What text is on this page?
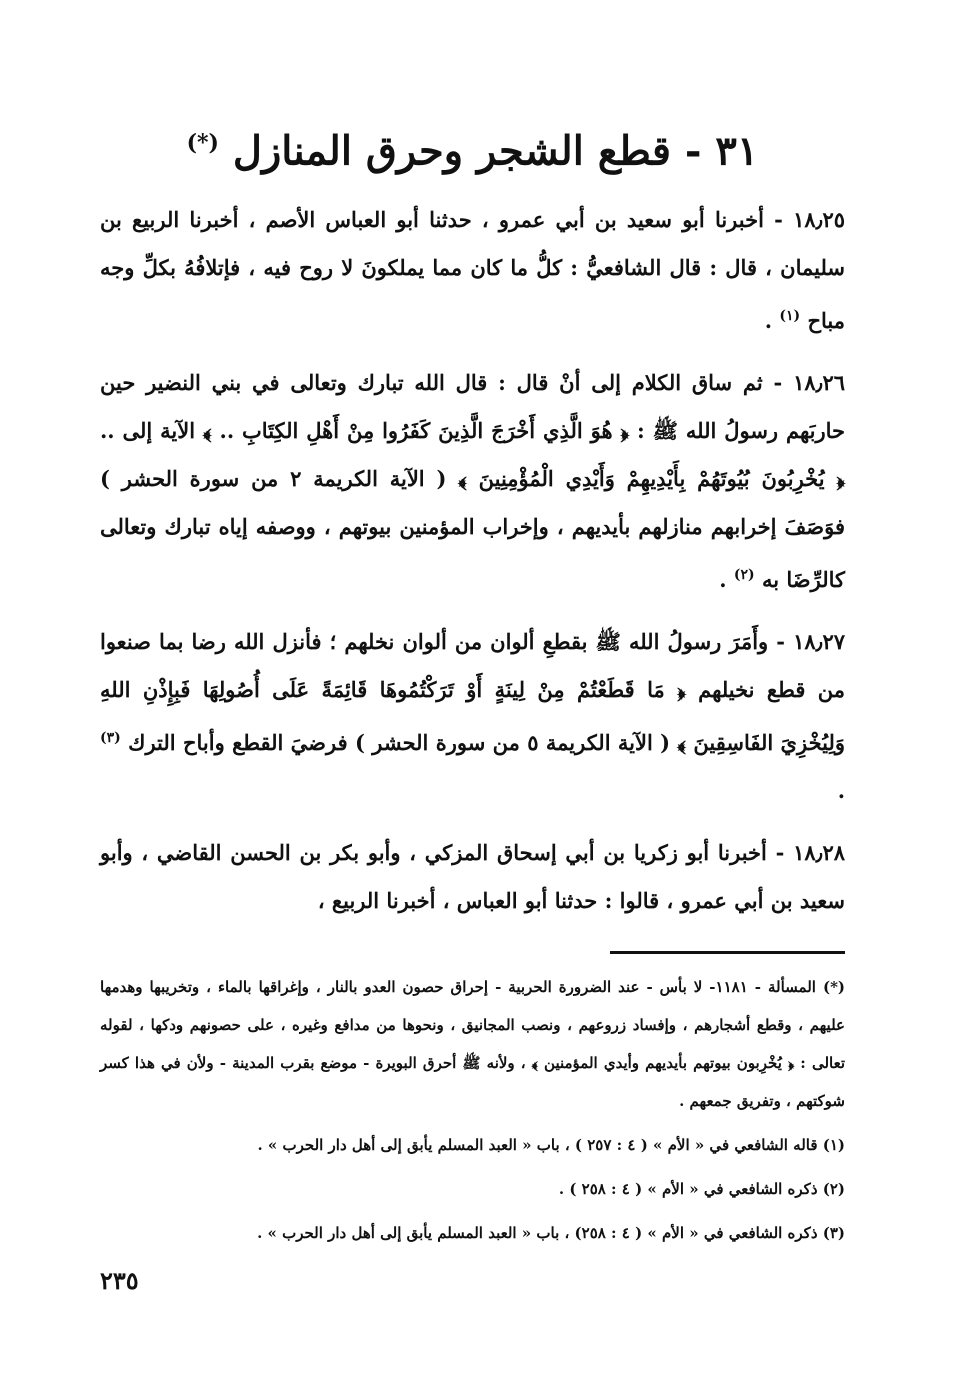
٣١ - قطع الشجر وحرق المنازل (*)

١٨٫٢٥ - أخبرنا أبو سعيد بن أبي عمرو ، حدثنا أبو العباس الأصم ، أخبرنا الربيع بن سليمان ، قال : قال الشافعيُّ : كلُّ ما كان مما يملكونَ لا روح فيه ، فإتلافُهُ بكلِّ وجه مباح $^{(١)}$ .

١٨٫٢٦ - ثم ساق الكلام إلى أنْ قال : قال الله تبارك وتعالى في بني النضير حين حاربَهم رسولُ الله ﷺ : ﴿ هُوَ الَّذِي أَخْرَجَ الَّذِينَ كَفَرُوا مِنْ أَهْلِ الكِتَابِ .. ﴾ الآية إلى .. ﴿ يُخْرِبُونَ بُيُوتَهُمْ بِأَيْدِيهِمْ وَأَيْدِي الْمُؤْمِنِينَ ﴾ ( الآية الكريمة ٢ من سورة الحشر ) فوَصَفَ إخرابهم منازلهم بأيديهم ، وإخراب المؤمنين بيوتهم ، ووصفه إياه تبارك وتعالى كالرِّضَا به $^{(٢)}$ .

١٨٫٢٧ - وأَمَرَ رسولُ الله ﷺ بقطعِ ألوان من ألوان نخلهم ؛ فأنزل الله رضا بما صنعوا من قطع نخيلهم ﴿ مَا قَطَعْتُمْ مِنْ لِينَةٍ أَوْ تَرَكْتُمُوهَا قَائِمَةً عَلَى أُصُولِهَا فَبِإِذْنِ اللهِ وَلِيُخْزِيَ الفَاسِقِينَ ﴾ ( الآية الكريمة ٥ من سورة الحشر ) فرضيَ القطع وأباح الترك $^{(٣)}$ .

١٨٫٢٨ - أخبرنا أبو زكريا بن أبي إسحاق المزكي ، وأبو بكر بن الحسن القاضي ، وأبو سعيد بن أبي عمرو ، قالوا : حدثنا أبو العباس ، أخبرنا الربيع ،

(*) المسألة - ١١٨١- لا بأس - عند الضرورة الحربية - إحراق حصون العدو بالنار ، وإغراقها بالماء ، وتخريبها وهدمها عليهم ، وقطع أشجارهم ، وإفساد زروعهم ، ونصب المجانيق ، ونحوها من مدافع وغيره ، على حصونهم ودكها ، لقوله تعالى : ﴿ يُخْرِبون بيوتهم بأيديهم وأيدي المؤمنين ﴾ ، ولأنه ﷺ أحرق البويرة - موضع بقرب المدينة - ولأن في هذا كسر شوكتهم ، وتفريق جمعهم .

(١) قاله الشافعي في « الأم » ( ٤ : ٢٥٧ ) ، باب « العبد المسلم يأبق إلى أهل دار الحرب » .

(٢) ذكره الشافعي في « الأم » ( ٤ : ٢٥٨ ) .

(٣) ذكره الشافعي في « الأم » ( ٤ : ٢٥٨) ، باب « العبد المسلم يأبق إلى أهل دار الحرب » .

٢٣٥
